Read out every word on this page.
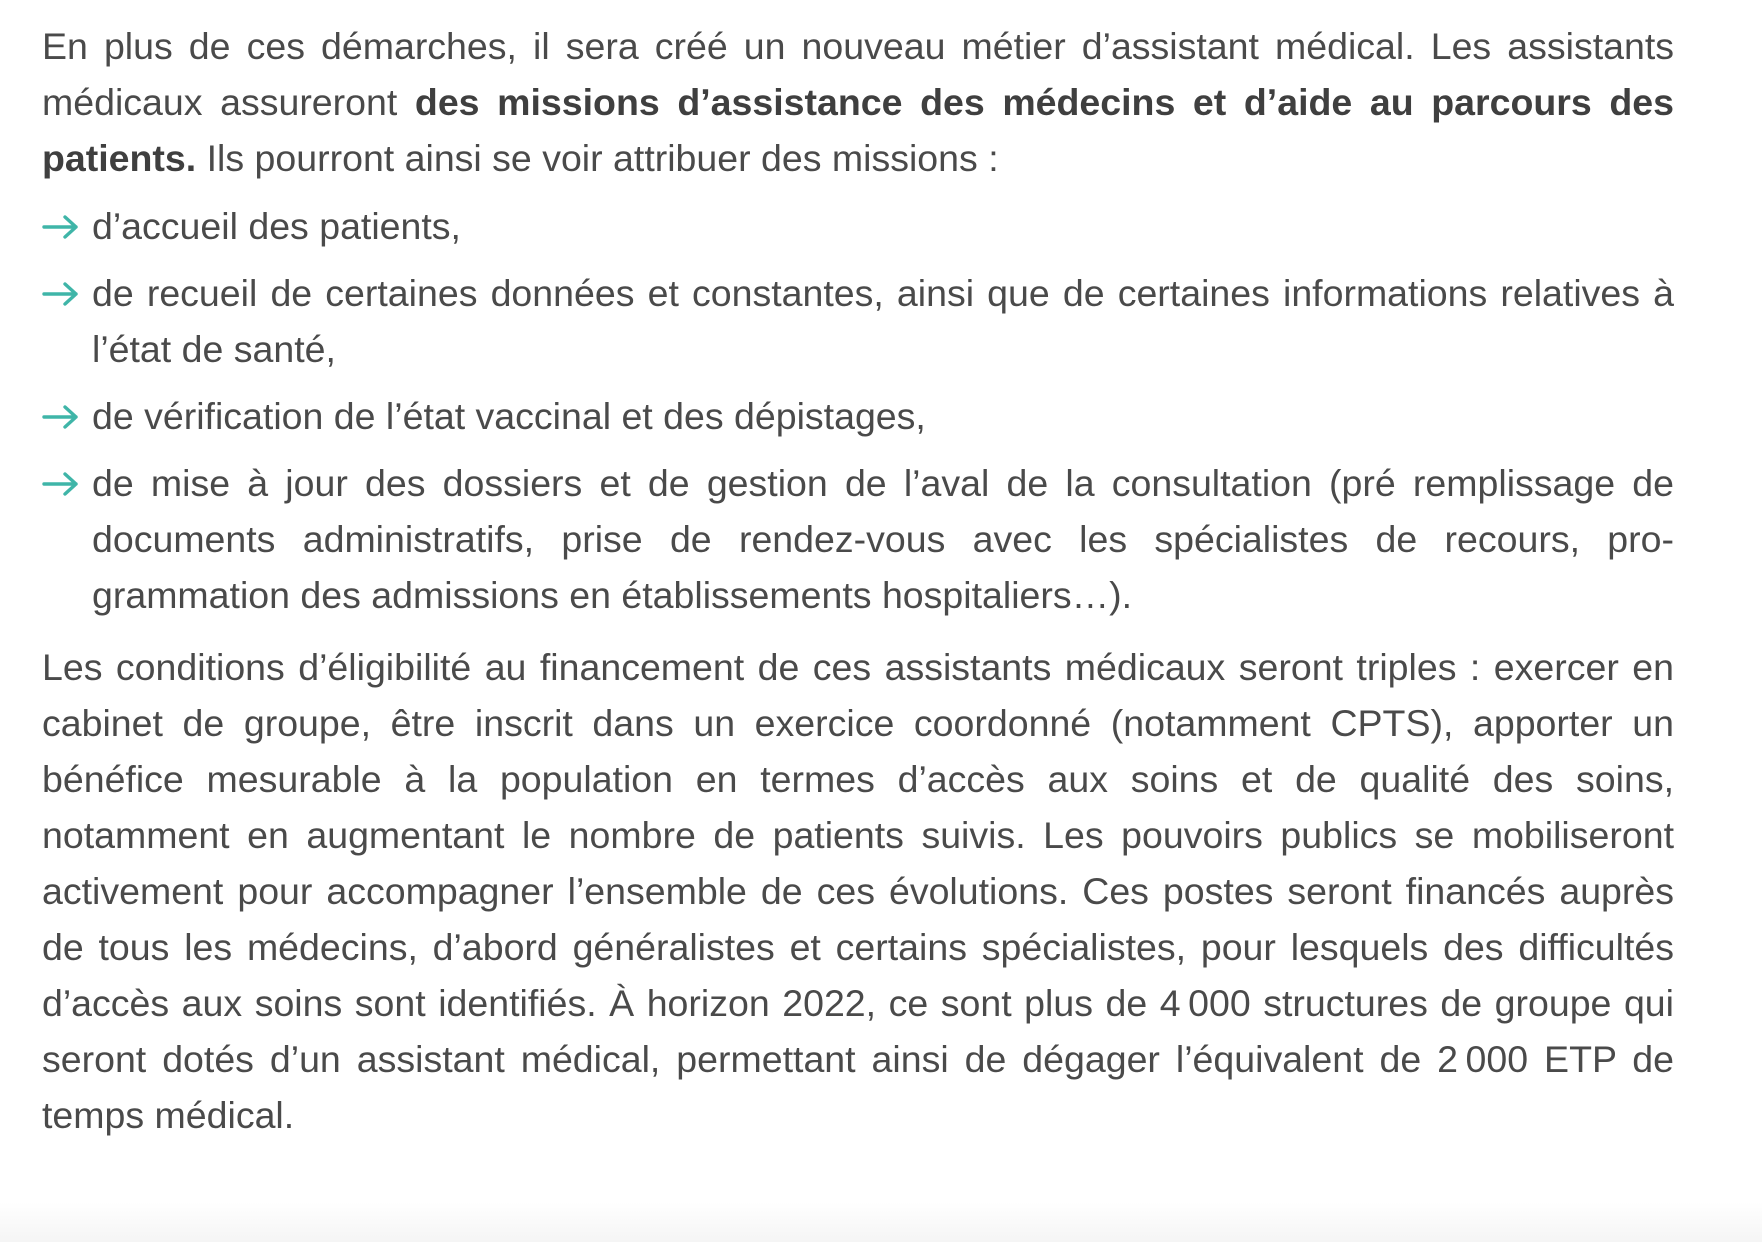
En plus de ces démarches, il sera créé un nouveau métier d’assistant médical. Les assistants médicaux assureront des missions d’assistance des médecins et d’aide au parcours des patients. Ils pourront ainsi se voir attribuer des missions :

d’accueil des patients,
de recueil de certaines données et constantes, ainsi que de certaines informations relatives à l’état de santé,
de vérification de l’état vaccinal et des dépistages,
de mise à jour des dossiers et de gestion de l’aval de la consultation (pré remplissage de documents administratifs, prise de rendez-vous avec les spécialistes de recours, programmation des admissions en établissements hospitaliers…).

Les conditions d’éligibilité au financement de ces assistants médicaux seront triples : exercer en cabinet de groupe, être inscrit dans un exercice coordonné (notamment CPTS), apporter un bénéfice mesurable à la population en termes d’accès aux soins et de qualité des soins, notamment en augmentant le nombre de patients suivis. Les pouvoirs publics se mobiliseront activement pour accompagner l’ensemble de ces évolutions. Ces postes seront financés auprès de tous les médecins, d’abord généralistes et certains spécialistes, pour lesquels des difficultés d’accès aux soins sont identifiés. À horizon 2022, ce sont plus de 4 000 structures de groupe qui seront dotés d’un assistant médical, permettant ainsi de dégager l’équivalent de 2 000 ETP de temps médical.
